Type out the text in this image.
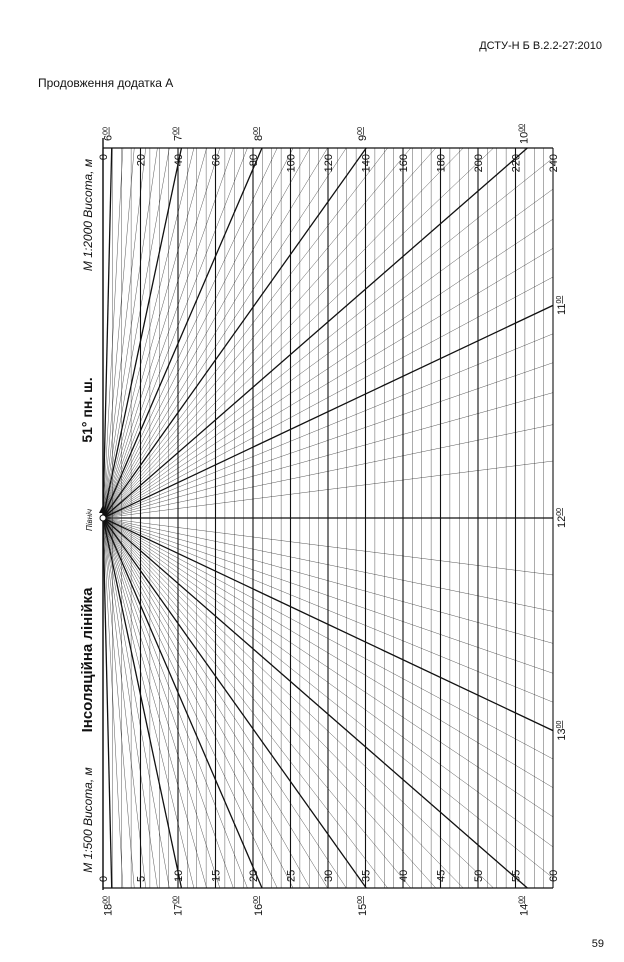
ДСТУ-Н Б В.2.2-27:2010
Продовження додатка А
$6^{00}$
$7^{00}$
$8^{00}$
$9^{00}$
$10^{00}$
$11^{00}$
$12^{00}$
$13^{00}$
$14^{00}$
$15^{00}$
$16^{00}$
$17^{00}$
$18^{00}$
0 5 10 15 20 25 30 35 40 45 50 55 60
0 20 40 60 80 100 120 140 160 180 200 220 240
Інсоляційна лінійка
51° пн. ш.
М 1:500 Висота, м
М 1:2000 Висота, м
Північ
59
